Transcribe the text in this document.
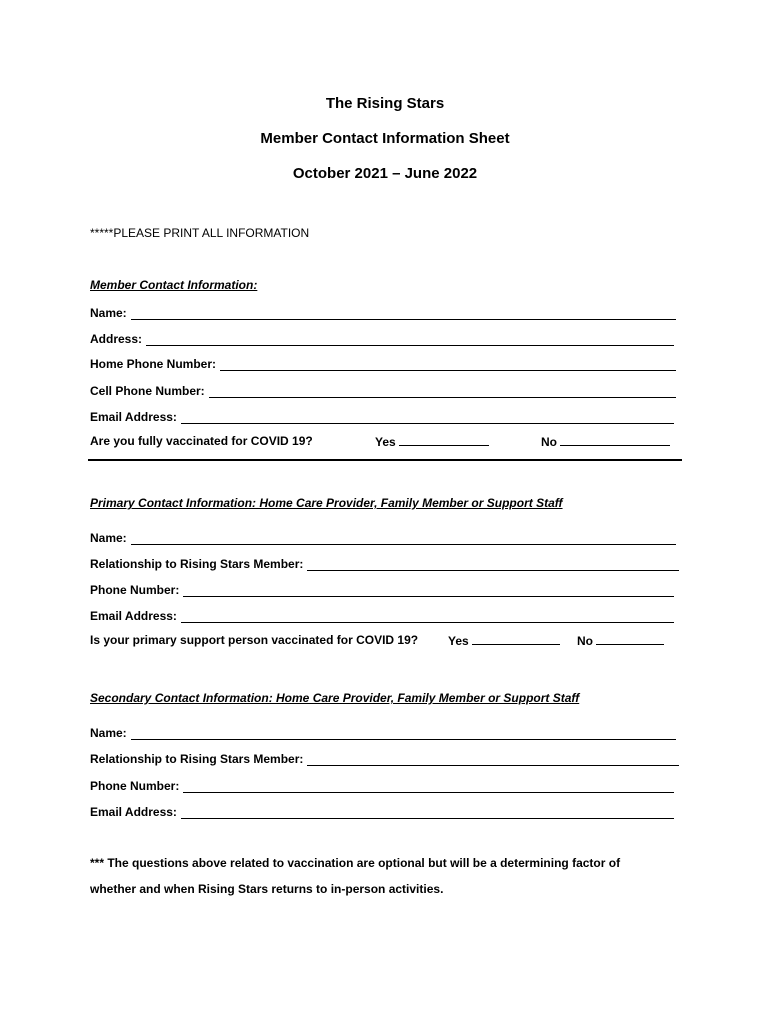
The Rising Stars
Member Contact Information Sheet
October 2021 – June 2022
*****PLEASE PRINT ALL INFORMATION
Member Contact Information:
Name:
Address:
Home Phone Number:
Cell Phone Number:
Email Address:
Are you fully vaccinated for COVID 19?	Yes	No
Primary Contact Information: Home Care Provider, Family Member or Support Staff
Name:
Relationship to Rising Stars Member:
Phone Number:
Email Address:
Is your primary support person vaccinated for COVID 19? Yes	No
Secondary Contact Information: Home Care Provider, Family Member or Support Staff
Name:
Relationship to Rising Stars Member:
Phone Number:
Email Address:
*** The questions above related to vaccination are optional but will be a determining factor of
whether and when Rising Stars returns to in-person activities.
